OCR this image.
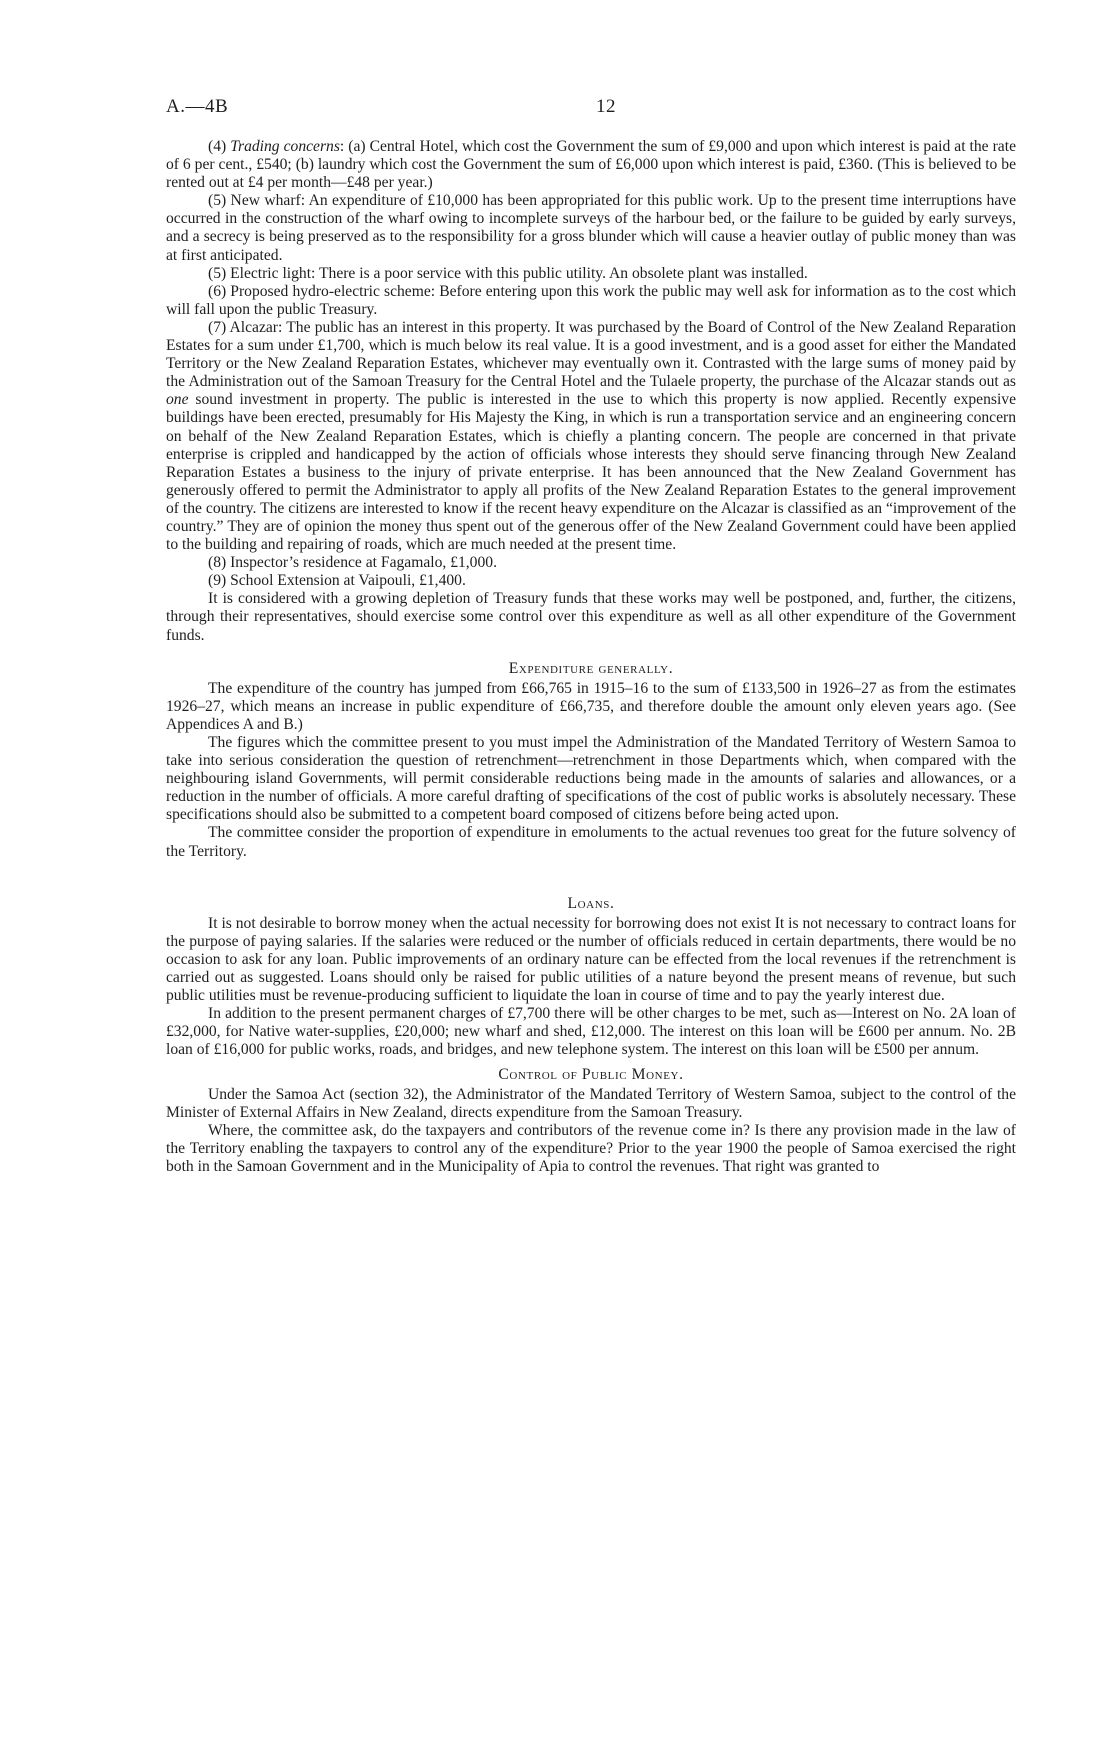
A.—4B	12

(4) Trading concerns: (a) Central Hotel, which cost the Government the sum of £9,000 and upon which interest is paid at the rate of 6 per cent., £540; (b) laundry which cost the Government the sum of £6,000 upon which interest is paid, £360. (This is believed to be rented out at £4 per month—£48 per year.)

(5) New wharf: An expenditure of £10,000 has been appropriated for this public work. Up to the present time interruptions have occurred in the construction of the wharf owing to incomplete surveys of the harbour bed, or the failure to be guided by early surveys, and a secrecy is being preserved as to the responsibility for a gross blunder which will cause a heavier outlay of public money than was at first anticipated.

(5) Electric light: There is a poor service with this public utility. An obsolete plant was installed.

(6) Proposed hydro-electric scheme: Before entering upon this work the public may well ask for information as to the cost which will fall upon the public Treasury.

(7) Alcazar: The public has an interest in this property. It was purchased by the Board of Control of the New Zealand Reparation Estates for a sum under £1,700, which is much below its real value. It is a good investment, and is a good asset for either the Mandated Territory or the New Zealand Reparation Estates, whichever may eventually own it. Contrasted with the large sums of money paid by the Administration out of the Samoan Treasury for the Central Hotel and the Tulaele property, the purchase of the Alcazar stands out as one sound investment in property. The public is interested in the use to which this property is now applied. Recently expensive buildings have been erected, presumably for His Majesty the King, in which is run a transportation service and an engineering concern on behalf of the New Zealand Reparation Estates, which is chiefly a planting concern. The people are concerned in that private enterprise is crippled and handicapped by the action of officials whose interests they should serve financing through New Zealand Reparation Estates a business to the injury of private enterprise. It has been announced that the New Zealand Government has generously offered to permit the Administrator to apply all profits of the New Zealand Reparation Estates to the general improvement of the country. The citizens are interested to know if the recent heavy expenditure on the Alcazar is classified as an “improvement of the country.” They are of opinion the money thus spent out of the generous offer of the New Zealand Government could have been applied to the building and repairing of roads, which are much needed at the present time.

(8) Inspector’s residence at Fagamalo, £1,000.

(9) School Extension at Vaipouli, £1,400.

It is considered with a growing depletion of Treasury funds that these works may well be postponed, and, further, the citizens, through their representatives, should exercise some control over this expenditure as well as all other expenditure of the Government funds.

Expenditure generally.

The expenditure of the country has jumped from £66,765 in 1915–16 to the sum of £133,500 in 1926–27 as from the estimates 1926–27, which means an increase in public expenditure of £66,735, and therefore double the amount only eleven years ago. (See Appendices A and B.)

The figures which the committee present to you must impel the Administration of the Mandated Territory of Western Samoa to take into serious consideration the question of retrenchment—retrenchment in those Departments which, when compared with the neighbouring island Governments, will permit considerable reductions being made in the amounts of salaries and allowances, or a reduction in the number of officials. A more careful drafting of specifications of the cost of public works is absolutely necessary. These specifications should also be submitted to a competent board composed of citizens before being acted upon.

The committee consider the proportion of expenditure in emoluments to the actual revenues too great for the future solvency of the Territory.

Loans.

It is not desirable to borrow money when the actual necessity for borrowing does not exist It is not necessary to contract loans for the purpose of paying salaries. If the salaries were reduced or the number of officials reduced in certain departments, there would be no occasion to ask for any loan. Public improvements of an ordinary nature can be effected from the local revenues if the retrenchment is carried out as suggested. Loans should only be raised for public utilities of a nature beyond the present means of revenue, but such public utilities must be revenue-producing sufficient to liquidate the loan in course of time and to pay the yearly interest due.

In addition to the present permanent charges of £7,700 there will be other charges to be met, such as—Interest on No. 2A loan of £32,000, for Native water-supplies, £20,000; new wharf and shed, £12,000. The interest on this loan will be £600 per annum. No. 2B loan of £16,000 for public works, roads, and bridges, and new telephone system. The interest on this loan will be £500 per annum.

Control of Public Money.

Under the Samoa Act (section 32), the Administrator of the Mandated Territory of Western Samoa, subject to the control of the Minister of External Affairs in New Zealand, directs expenditure from the Samoan Treasury.

Where, the committee ask, do the taxpayers and contributors of the revenue come in? Is there any provision made in the law of the Territory enabling the taxpayers to control any of the expenditure? Prior to the year 1900 the people of Samoa exercised the right both in the Samoan Government and in the Municipality of Apia to control the revenues. That right was granted to
